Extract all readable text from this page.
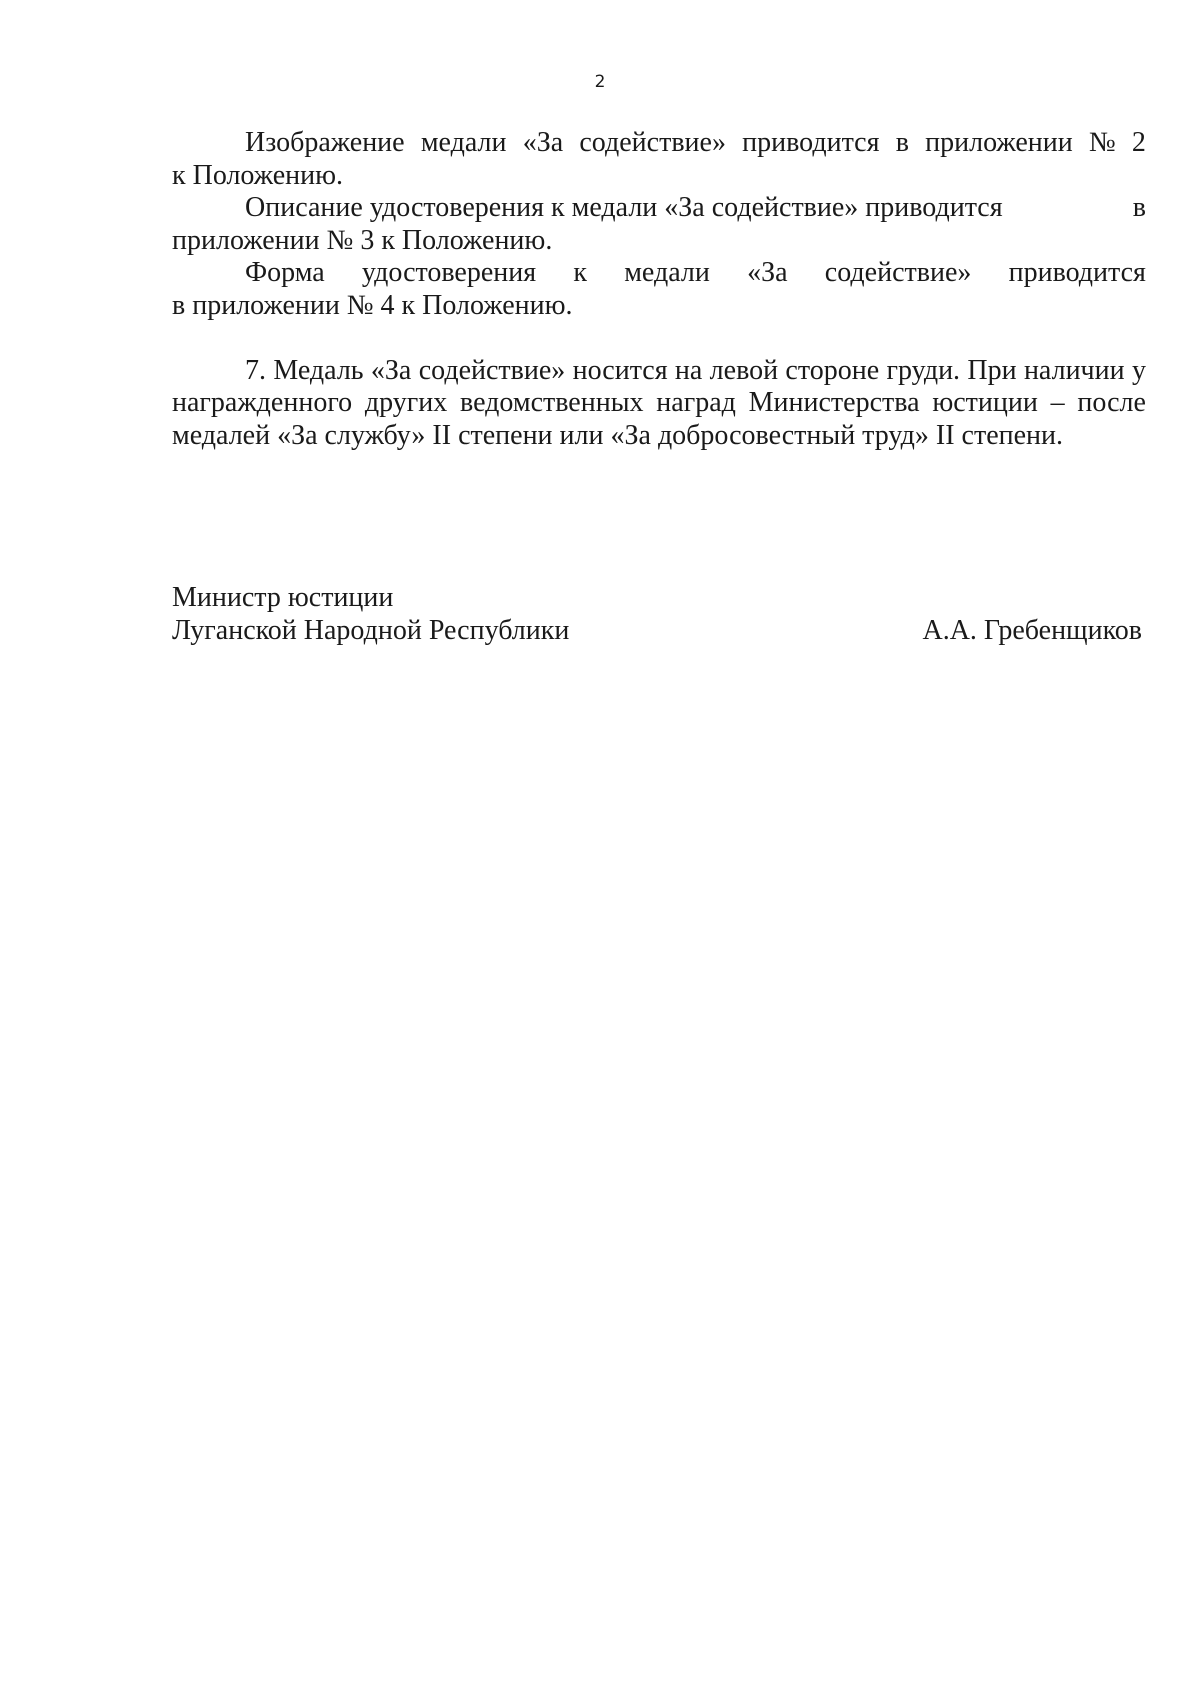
2
Изображение медали «За содействие» приводится в приложении № 2
к Положению.
Описание удостоверения к медали «За содействие» приводится	в
приложении № 3 к Положению.
Форма удостоверения к медали «За содействие» приводится
в приложении № 4 к Положению.
7. Медаль «За содействие» носится на левой стороне груди. При наличии у
награжденного других ведомственных наград Министерства юстиции – после
медалей «За службу» II степени или «За добросовестный труд» II степени.
Министр юстиции
Луганской Народной Республики	А.А. Гребенщиков
